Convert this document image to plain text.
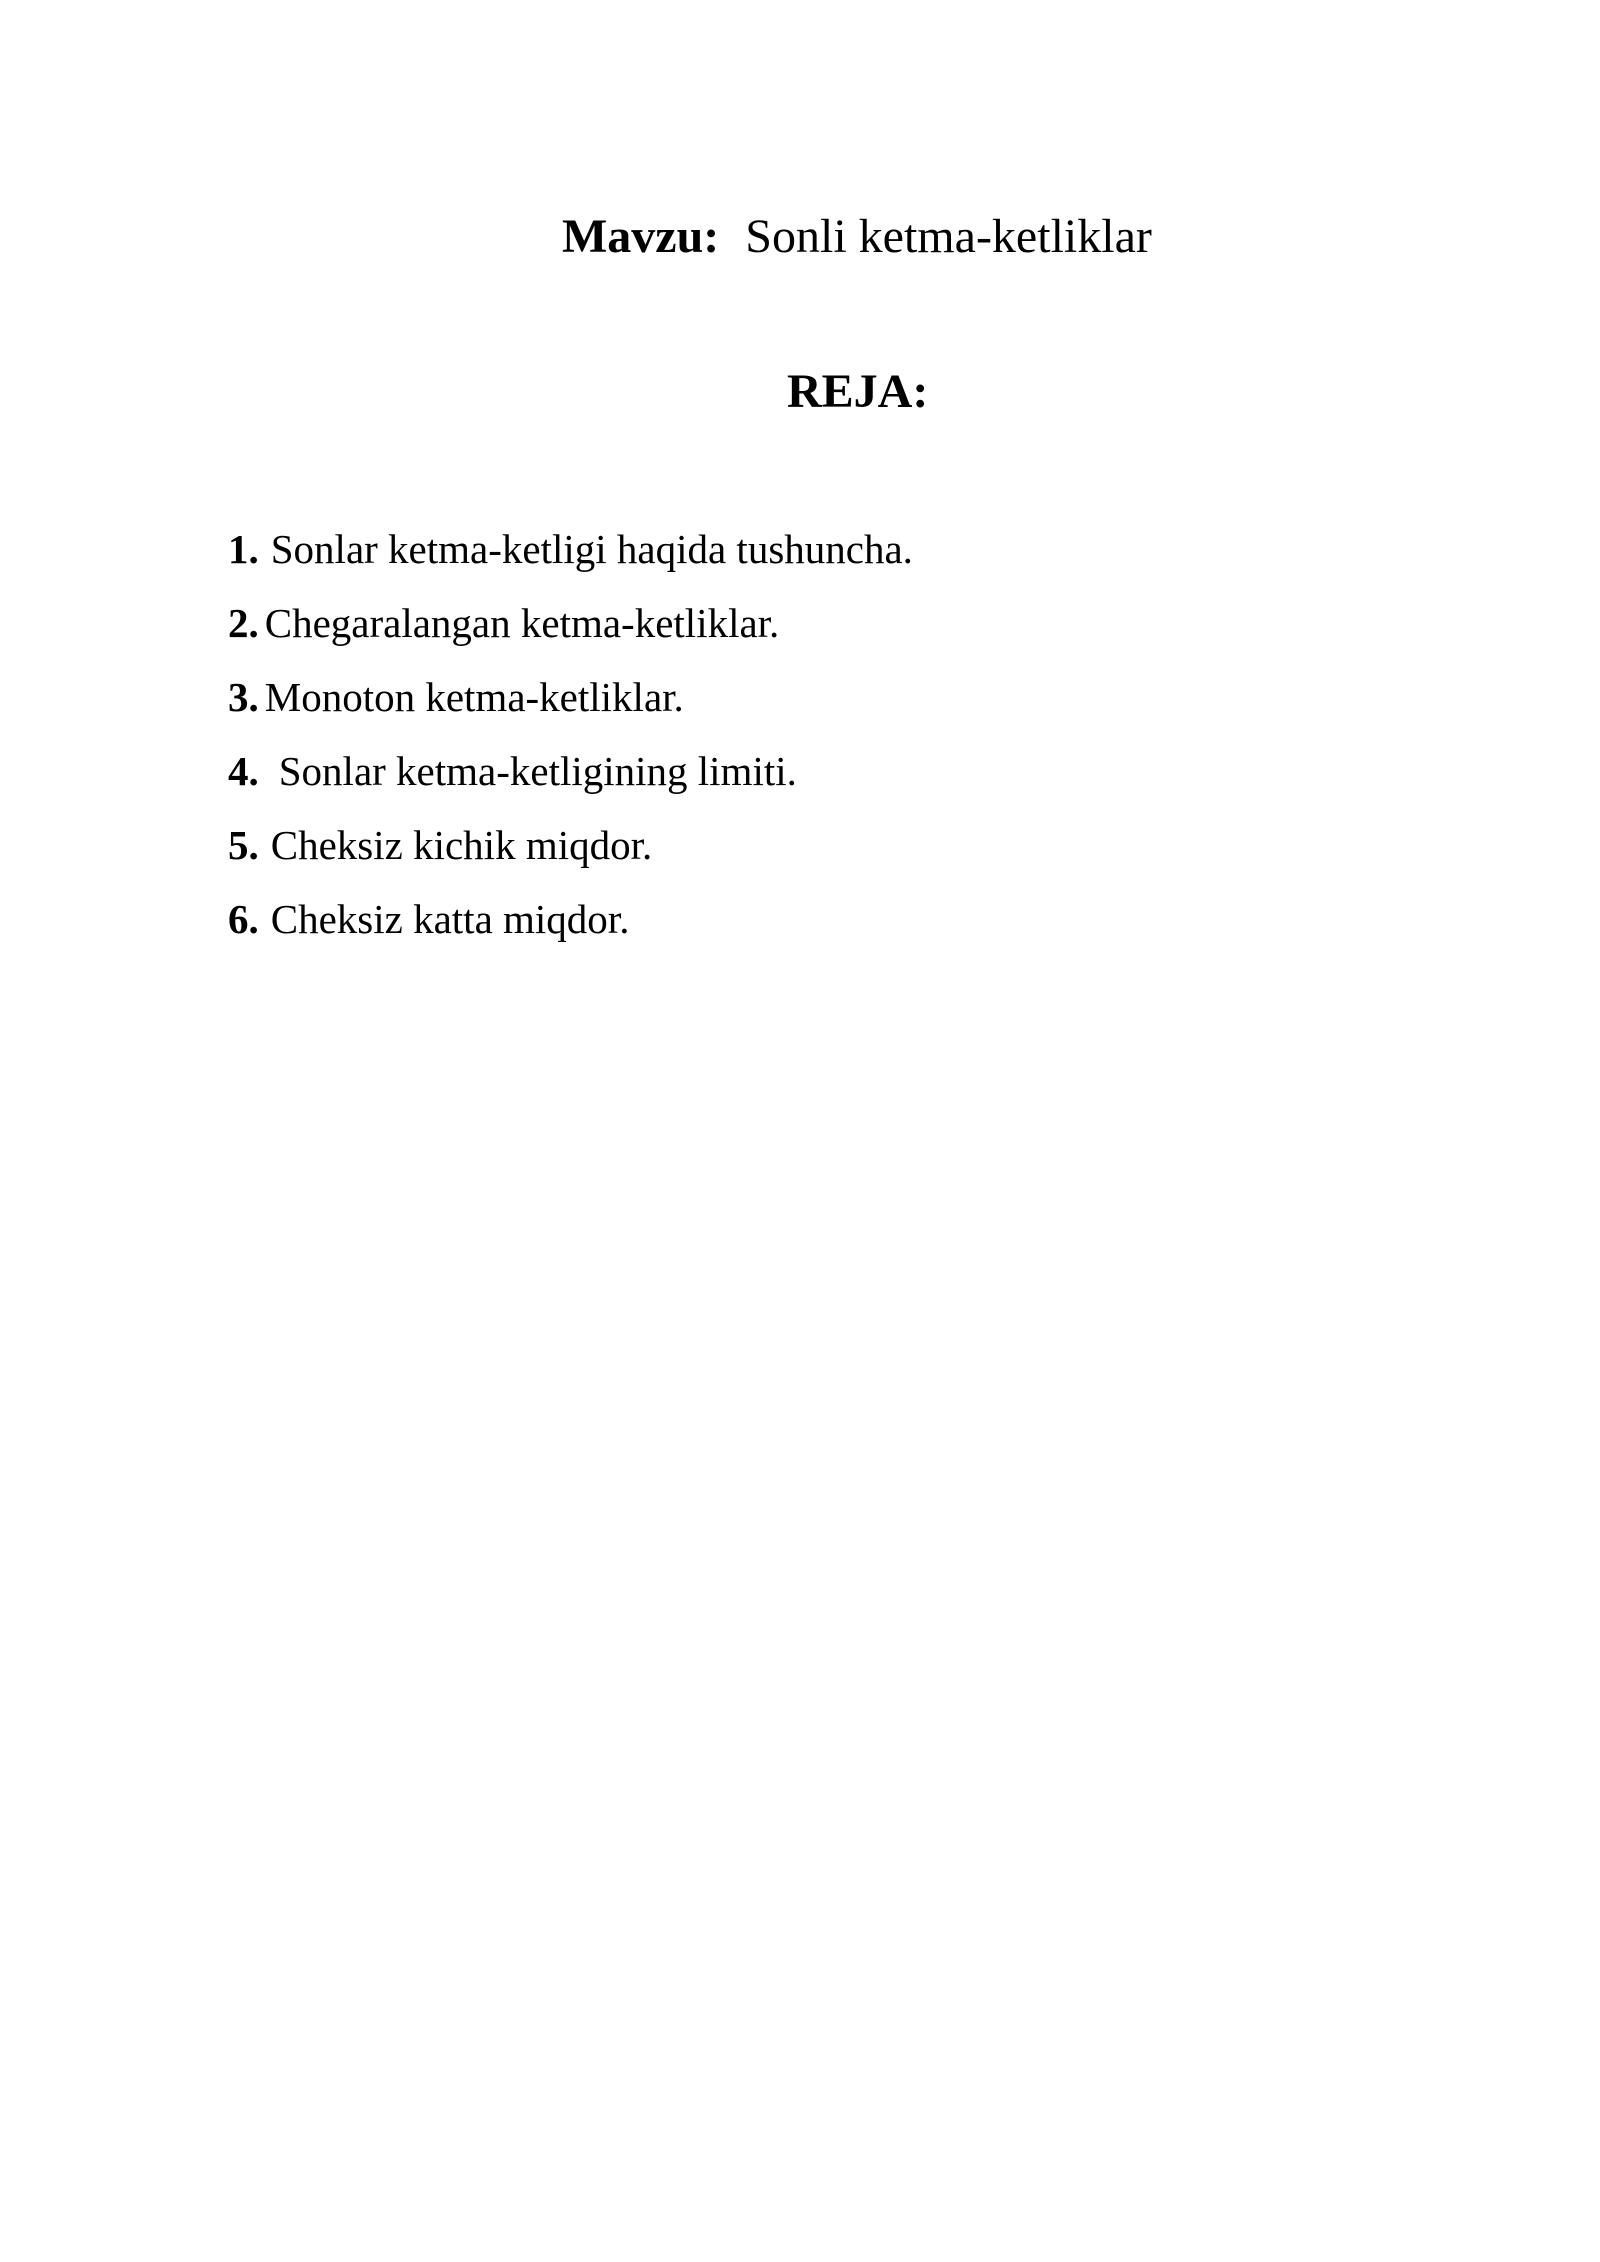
Mavzu: Sonli ketma-ketliklar
REJA:
1. Sonlar ketma-ketligi haqida tushuncha.
2. Chegaralangan ketma-ketliklar.
3. Monoton ketma-ketliklar.
4. Sonlar ketma-ketligining limiti.
5. Cheksiz kichik miqdor.
6. Cheksiz katta miqdor.
